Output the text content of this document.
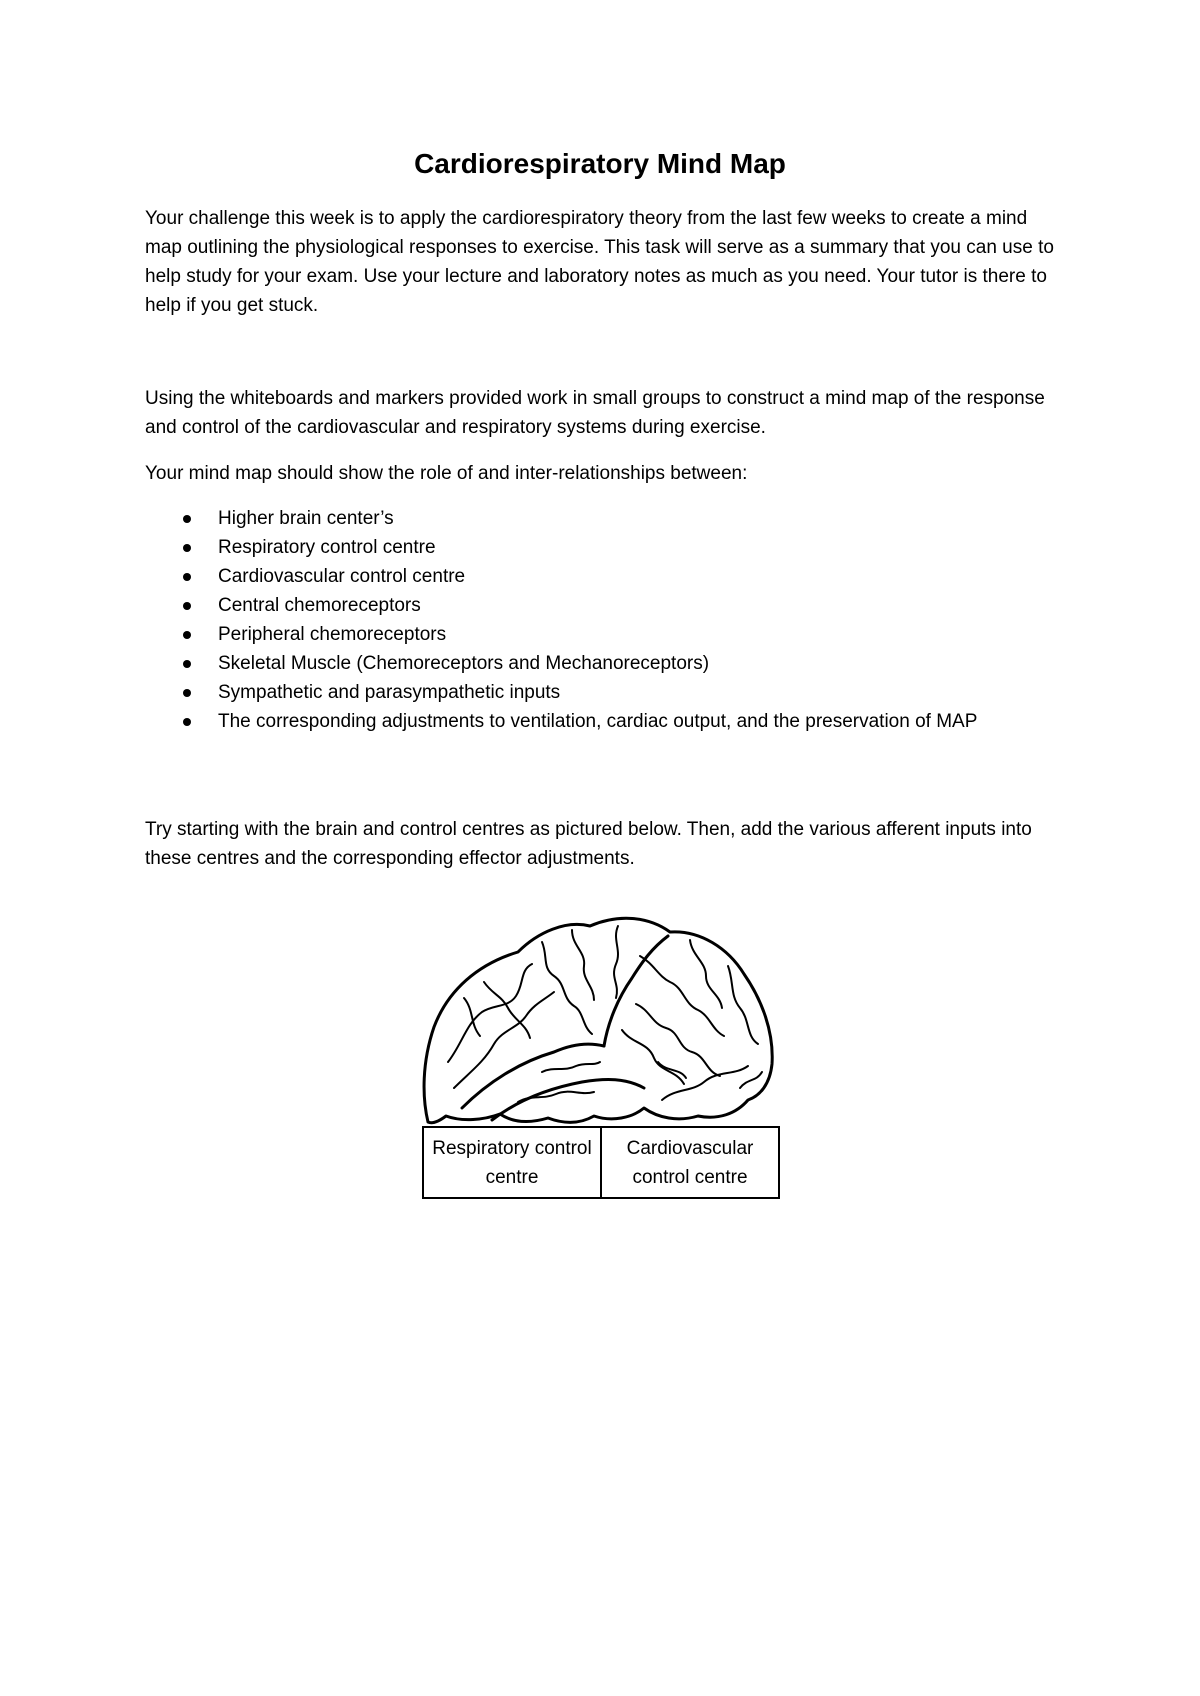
Cardiorespiratory Mind Map

Your challenge this week is to apply the cardiorespiratory theory from the last few weeks to create a mind map outlining the physiological responses to exercise. This task will serve as a summary that you can use to help study for your exam. Use your lecture and laboratory notes as much as you need. Your tutor is there to help if you get stuck.

Using the whiteboards and markers provided work in small groups to construct a mind map of the response and control of the cardiovascular and respiratory systems during exercise.

Your mind map should show the role of and inter-relationships between:

Higher brain center’s
Respiratory control centre
Cardiovascular control centre
Central chemoreceptors
Peripheral chemoreceptors
Skeletal Muscle (Chemoreceptors and Mechanoreceptors)
Sympathetic and parasympathetic inputs
The corresponding adjustments to ventilation, cardiac output, and the preservation of MAP

Try starting with the brain and control centres as pictured below. Then, add the various afferent inputs into these centres and the corresponding effector adjustments.

Respiratory control centre
Cardiovascular control centre
